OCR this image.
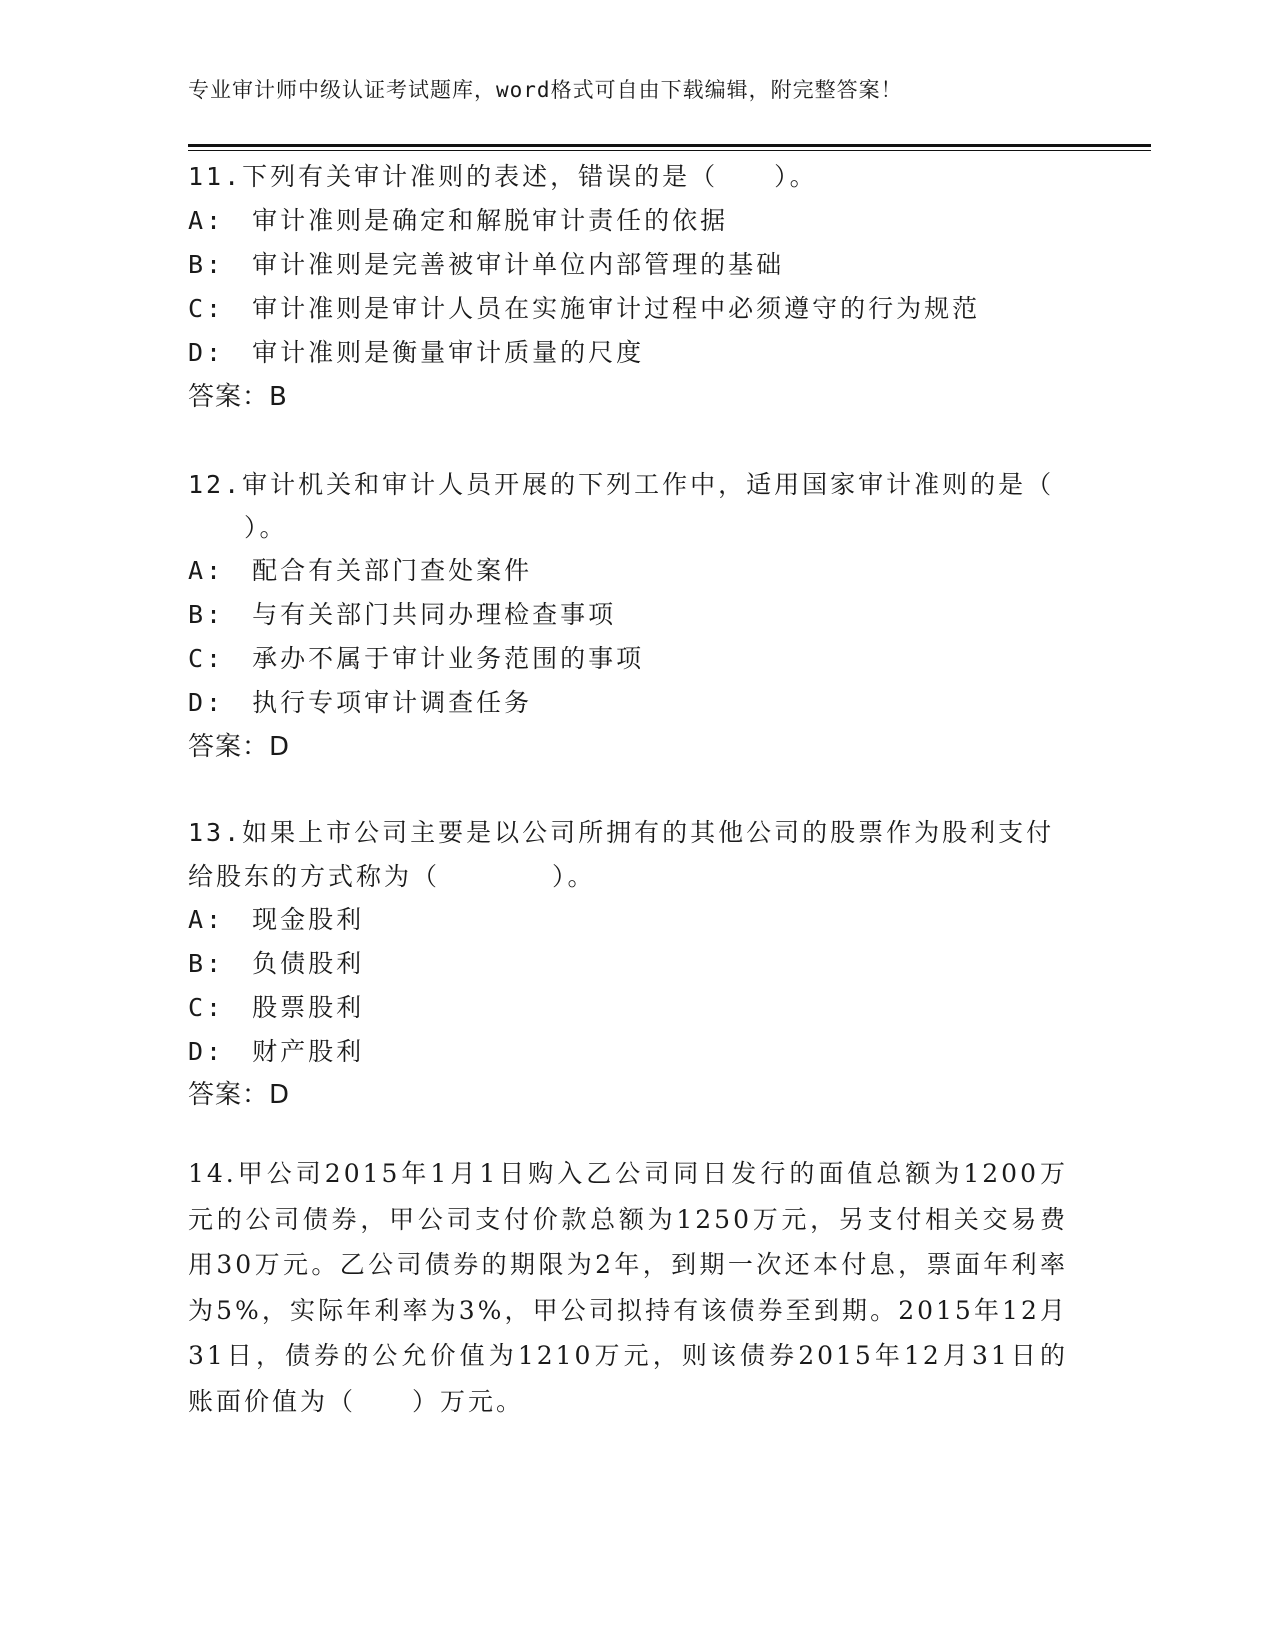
专业审计师中级认证考试题库，word格式可自由下载编辑，附完整答案！
11.下列有关审计准则的表述，错误的是（　　）。
A:　审计准则是确定和解脱审计责任的依据
B:　审计准则是完善被审计单位内部管理的基础
C:　审计准则是审计人员在实施审计过程中必须遵守的行为规范
D:　审计准则是衡量审计质量的尺度
答案：B
12.审计机关和审计人员开展的下列工作中，适用国家审计准则的是（
　　）。
A:　配合有关部门查处案件
B:　与有关部门共同办理检查事项
C:　承办不属于审计业务范围的事项
D:　执行专项审计调查任务
答案：D
13.如果上市公司主要是以公司所拥有的其他公司的股票作为股利支付
给股东的方式称为（　　　　）。
A:　现金股利
B:　负债股利
C:　股票股利
D:　财产股利
答案：D
14.甲公司2015年1月1日购入乙公司同日发行的面值总额为1200万元的公司债券，甲公司支付价款总额为1250万元，另支付相关交易费用30万元。乙公司债券的期限为2年，到期一次还本付息，票面年利率为5%，实际年利率为3%，甲公司拟持有该债券至到期。2015年12月31日，债券的公允价值为1210万元，则该债券2015年12月31日的账面价值为（　　）万元。
